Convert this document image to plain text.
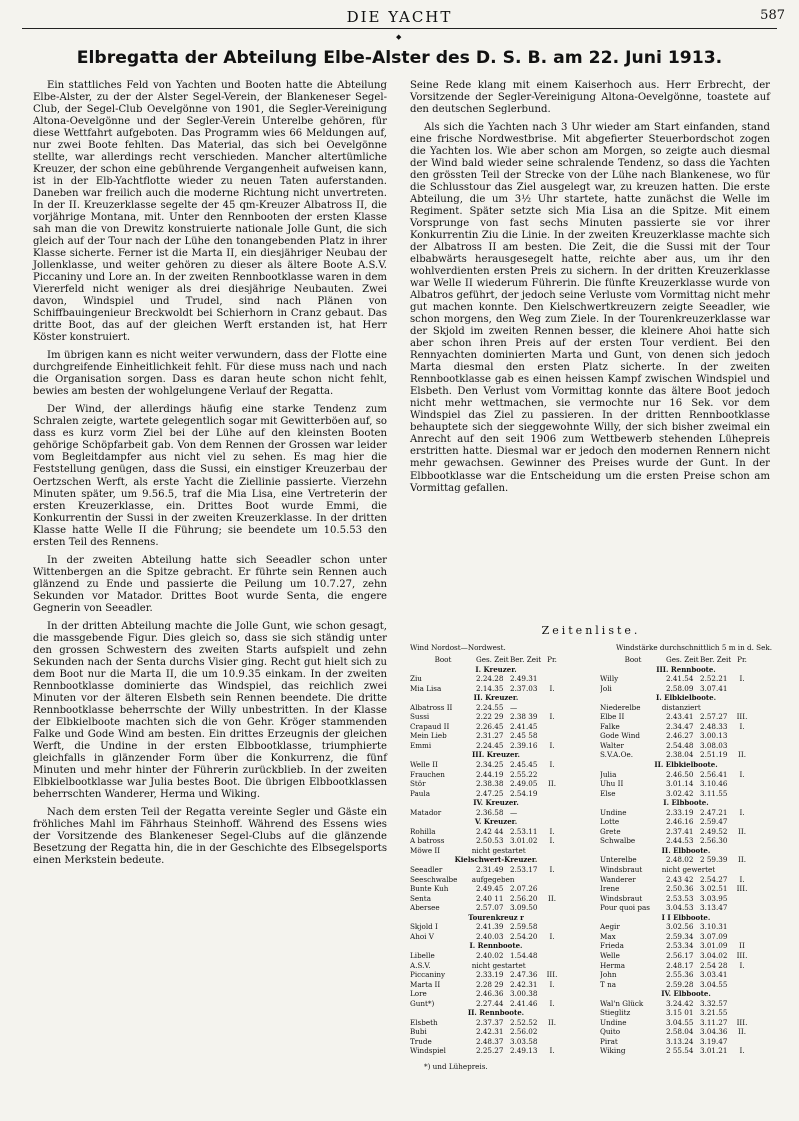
DIE YACHT	587
◆
Elbregatta der Abteilung Elbe-Alster des D. S. B. am 22. Juni 1913.

Ein stattliches Feld von Yachten und Booten hatte die Abteilung Elbe-Alster, zu der der Alster Segel-Verein, der Blankeneser Segel-Club, der Segel-Club Oevelgönne von 1901, die Segler-Vereinigung Altona-Oevelgönne und der Segler-Verein Unterelbe gehören, für diese Wettfahrt aufgeboten. Das Programm wies 66 Meldungen auf, nur zwei Boote fehlten. Das Material, das sich bei Oevelgönne stellte, war allerdings recht verschieden. Mancher altertümliche Kreuzer, der schon eine gebührende Vergangenheit aufweisen kann, ist in der Elb-Yachtflotte wieder zu neuen Taten auferstanden. Daneben war freilich auch die moderne Richtung nicht unvertreten. In der II. Kreuzerklasse segelte der 45 qm-Kreuzer Albatross II, die vorjährige Montana, mit. Unter den Rennbooten der ersten Klasse sah man die von Drewitz konstruierte nationale Jolle Gunt, die sich gleich auf der Tour nach der Lühe den tonangebenden Platz in ihrer Klasse sicherte. Ferner ist die Marta II, ein diesjähriger Neubau der Jollenklasse, und weiter gehören zu dieser als ältere Boote A.S.V. Piccaniny und Lore an. In der zweiten Rennbootklasse waren in dem Viererfeld nicht weniger als drei diesjährige Neubauten. Zwei davon, Windspiel und Trudel, sind nach Plänen von Schiffbauingenieur Breckwoldt bei Schierhorn in Cranz gebaut. Das dritte Boot, das auf der gleichen Werft erstanden ist, hat Herr Köster konstruiert.

Im übrigen kann es nicht weiter verwundern, dass der Flotte eine durchgreifende Einheitlichkeit fehlt. Für diese muss nach und nach die Organisation sorgen. Dass es daran heute schon nicht fehlt, bewies am besten der wohlgelungene Verlauf der Regatta.

Der Wind, der allerdings häufig eine starke Tendenz zum Schralen zeigte, wartete gelegentlich sogar mit Gewitterböen auf, so dass es kurz vorm Ziel bei der Lühe auf den kleinsten Booten gehörige Schöpfarbeit gab. Von dem Rennen der Grossen war leider vom Begleitdampfer aus nicht viel zu sehen. Es mag hier die Feststellung genügen, dass die Sussi, ein einstiger Kreuzerbau der Oertzschen Werft, als erste Yacht die Ziellinie passierte. Vierzehn Minuten später, um 9.56.5, traf die Mia Lisa, eine Vertreterin der ersten Kreuzerklasse, ein. Drittes Boot wurde Emmi, die Konkurrentin der Sussi in der zweiten Kreuzerklasse. In der dritten Klasse hatte Welle II die Führung; sie beendete um 10.5.53 den ersten Teil des Rennens.

In der zweiten Abteilung hatte sich Seeadler schon unter Wittenbergen an die Spitze gebracht. Er führte sein Rennen auch glänzend zu Ende und passierte die Peilung um 10.7.27, zehn Sekunden vor Matador. Drittes Boot wurde Senta, die engere Gegnerin von Seeadler.

In der dritten Abteilung machte die Jolle Gunt, wie schon gesagt, die massgebende Figur. Dies gleich so, dass sie sich ständig unter den grossen Schwestern des zweiten Starts aufspielt und zehn Sekunden nach der Senta durchs Visier ging. Recht gut hielt sich zu dem Boot nur die Marta II, die um 10.9.35 einkam. In der zweiten Rennbootklasse dominierte das Windspiel, das reichlich zwei Minuten vor der älteren Elsbeth sein Rennen beendete. Die dritte Rennbootklasse beherrschte der Willy unbestritten. In der Klasse der Elbkielboote machten sich die von Gehr. Kröger stammenden Falke und Gode Wind am besten. Ein drittes Erzeugnis der gleichen Werft, die Undine in der ersten Elbbootklasse, triumphierte gleichfalls in glänzender Form über die Konkurrenz, die fünf Minuten und mehr hinter der Führerin zurückblieb. In der zweiten Elbkielbootklasse war Julia bestes Boot. Die übrigen Elbbootklassen beherrschten Wanderer, Herma und Wiking.

Nach dem ersten Teil der Regatta vereinte Segler und Gäste ein fröhliches Mahl im Fährhaus Steinhoff. Während des Essens wies der Vorsitzende des Blankeneser Segel-Clubs auf die glänzende Besetzung der Regatta hin, die in der Geschichte des Elbsegelsports einen Merkstein bedeute.

Seine Rede klang mit einem Kaiserhoch aus. Herr Erbrecht, der Vorsitzende der Segler-Vereinigung Altona-Oevelgönne, toastete auf den deutschen Seglerbund.

Als sich die Yachten nach 3 Uhr wieder am Start einfanden, stand eine frische Nordwestbrise. Mit abgefierter Steuerbordschot zogen die Yachten los. Wie aber schon am Morgen, so zeigte auch diesmal der Wind bald wieder seine schralende Tendenz, so dass die Yachten den grössten Teil der Strecke von der Lühe nach Blankenese, wo für die Schlusstour das Ziel ausgelegt war, zu kreuzen hatten. Die erste Abteilung, die um 3½ Uhr startete, hatte zunächst die Welle im Regiment. Später setzte sich Mia Lisa an die Spitze. Mit einem Vorsprunge von fast sechs Minuten passierte sie vor ihrer Konkurrentin Ziu die Linie. In der zweiten Kreuzerklasse machte sich der Albatross II am besten. Die Zeit, die die Sussi mit der Tour elbabwärts herausgesegelt hatte, reichte aber aus, um ihr den wohlverdienten ersten Preis zu sichern. In der dritten Kreuzerklasse war Welle II wiederum Führerin. Die fünfte Kreuzerklasse wurde von Albatros geführt, der jedoch seine Verluste vom Vormittag nicht mehr gut machen konnte. Den Kielschwertkreuzern zeigte Seeadler, wie schon morgens, den Weg zum Ziele. In der Tourenkreuzerklasse war der Skjold im zweiten Rennen besser, die kleinere Ahoi hatte sich aber schon ihren Preis auf der ersten Tour verdient. Bei den Rennyachten dominierten Marta und Gunt, von denen sich jedoch Marta diesmal den ersten Platz sicherte. In der zweiten Rennbootklasse gab es einen heissen Kampf zwischen Windspiel und Elsbeth. Den Verlust vom Vormittag konnte das ältere Boot jedoch nicht mehr wettmachen, sie vermochte nur 16 Sek. vor dem Windspiel das Ziel zu passieren. In der dritten Rennbootklasse behauptete sich der sieggewohnte Willy, der sich bisher zweimal ein Anrecht auf den seit 1906 zum Wettbewerb stehenden Lühepreis erstritten hatte. Diesmal war er jedoch den modernen Rennern nicht mehr gewachsen. Gewinner des Preises wurde der Gunt. In der Elbbootklasse war die Entscheidung um die ersten Preise schon am Vormittag gefallen.

Zeitenliste.
Wind Nordost—Nordwest.	Windstärke durchschnittlich 5 m in d. Sek.
Boot	Ges. Zeit Ber. Zeit Pr.
I. Kreuzer.
Ziu	2.24.28 2.49.31
Mia Lisa	2.14.35 2.37.03	I.
II. Kreuzer.
Albatross II	2.24.55 —
Sussi	2.22 29 2.38 39	I.
Crapaud II	2.26.45 2.41.45
Mein Lieb	2.31.27 2.45 58
Emmi	2.24.45 2.39.16	I.
III. Kreuzer.
Welle II	2.34.25 2.45.45	I.
Frauchen	2.44.19 2.55.22
Stör	2.38.38 2.49.05	II.
Paula	2.47.25 2.54.19
IV. Kreuzer.
Matador	2.36.58 —
V. Kreuzer.
Rohilla	2.42 44 2.53.11	I.
A batross	2.50.53 3.01.02	I.
Möwe II	nicht gestartet
Kielschwert-Kreuzer.
Seeadler	2.31.49 2.53.17	I.
Seeschwalbe	aufgegeben
Bunte Kuh	2.49.45 2.07.26
Senta	2.40 11 2.56.20	II.
Abersee	2.57.07 3.09.50
Tourenkreuz r
Skjold I	2.41.39 2.59.58
Ahoi V	2.40.03 2.54.20	I.
I. Rennboote.
Libelle	2.40.02 1.54.48
A.S.V.	nicht gestartet
Piccaniny	2.33.19 2.47.36	III.
Marta II	2.28 29 2.42.31	I.
Lore	2.46.36 3.00.38
Gunt*)	2.27.44 2.41.46	I.
II. Rennboote.
Elsbeth	2.37.37 2.52.52	II.
Bubi	2.42.31 2.56.02
Trude	2.48.37 3.03.58
Windspiel	2.25.27 2.49.13	I.
Boot	Ges. Zeit Ber. Zeit Pr.
III. Rennboote.
Willy	2.41.54 2.52.21	I.
Joli	2.58.09 3.07.41
I. Elbkielboote.
Niederelbe	distanziert
Elbe II	2.43.41 2.57.27	III.
Falke	2.34.47 2.48.33	I.
Gode Wind	2.46.27 3.00.13
Walter	2.54.48 3.08.03
S.V.A.Oe.	2.38.04 2.51.19	II.
II. Elbkielboote.
Julia	2.46.50 2.56.41	I.
Uhu II	3.01.14 3.10.46
Else	3.02.42 3.11.55
I. Elbboote.
Undine	2.33.19 2.47.21	I.
Lotte	2.46.16 2.59.47
Grete	2.37.41 2.49.52	II.
Schwalbe	2.44.53 2.56.30
II. Elbboote.
Unterelbe	2.48.02 2 59.39	II.
Windsbraut	nicht gewertet
Wanderer	2.43 42 2.54.27	I.
Irene	2.50.36 3.02.51	III.
Windsbraut	2.53.53 3.03.95
Pour quoi pas	3.04.53 3.13.47
I I Elbboote.
Aegir	3.02.56 3.10.31
Max	2.59.34 3.07.09
Frieda	2.53.34 3.01.09	II
Welle	2.56.17 3.04.02	III.
Herma	2.48.17 2.54 28	I.
John	2.55.36 3.03.41
T na	2.59.28 3.04.55
IV. Elbboote.
Wal'n Glück	3.24.42 3.32.57
Stieglitz	3.15 01 3.21.55
Undine	3.04.55 3.11.27	III.
Quito	2.58.04 3.04.36	II.
Pirat	3.13.24 3.19.47
Wiking	2 55.54 3.01.21	I.
*) und Lühepreis.
